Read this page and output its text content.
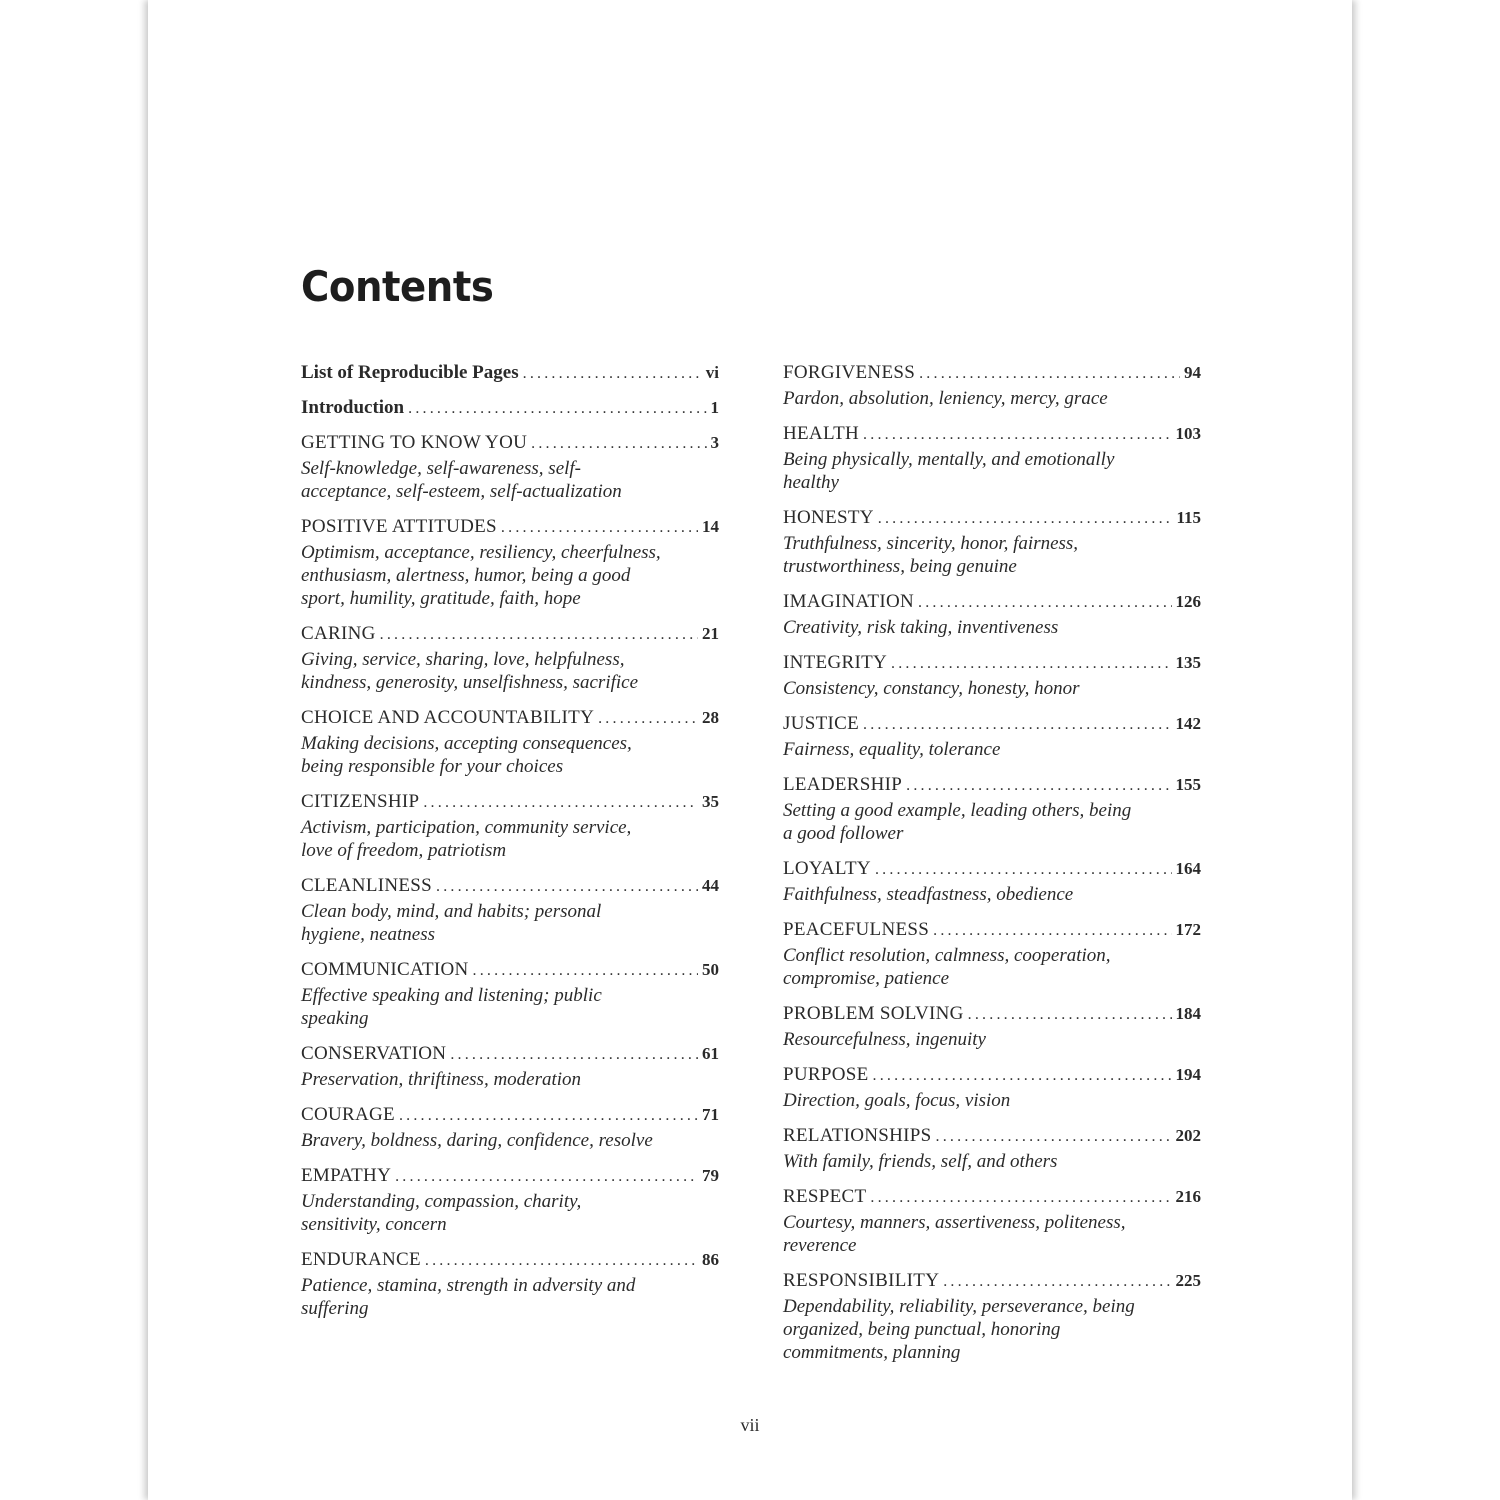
Contents
List of Reproducible Pages .....	vi
Introduction .....	1
GETTING TO KNOW YOU .....	3

Self-knowledge, self-awareness, self-acceptance, self-esteem, self-actualization

POSITIVE ATTITUDES .....	14

Optimism, acceptance, resiliency, cheerfulness, enthusiasm, alertness, humor, being a good sport, humility, gratitude, faith, hope

CARING .....	21

Giving, service, sharing, love, helpfulness, kindness, generosity, unselfishness, sacrifice

CHOICE AND ACCOUNTABILITY .....	28

Making decisions, accepting consequences, being responsible for your choices

CITIZENSHIP .....	35

Activism, participation, community service, love of freedom, patriotism

CLEANLINESS .....	44

Clean body, mind, and habits; personal hygiene, neatness

COMMUNICATION .....	50

Effective speaking and listening; public speaking

CONSERVATION .....	61

Preservation, thriftiness, moderation

COURAGE .....	71

Bravery, boldness, daring, confidence, resolve

EMPATHY .....	79

Understanding, compassion, charity, sensitivity, concern

ENDURANCE .....	86

Patience, stamina, strength in adversity and suffering

FORGIVENESS .....	94

Pardon, absolution, leniency, mercy, grace

HEALTH .....	103

Being physically, mentally, and emotionally healthy

HONESTY .....	115

Truthfulness, sincerity, honor, fairness, trustworthiness, being genuine

IMAGINATION .....	126

Creativity, risk taking, inventiveness

INTEGRITY .....	135

Consistency, constancy, honesty, honor

JUSTICE .....	142

Fairness, equality, tolerance

LEADERSHIP .....	155

Setting a good example, leading others, being a good follower

LOYALTY .....	164

Faithfulness, steadfastness, obedience

PEACEFULNESS .....	172

Conflict resolution, calmness, cooperation, compromise, patience

PROBLEM SOLVING .....	184

Resourcefulness, ingenuity

PURPOSE .....	194

Direction, goals, focus, vision

RELATIONSHIPS .....	202

With family, friends, self, and others

RESPECT .....	216

Courtesy, manners, assertiveness, politeness, reverence

RESPONSIBILITY .....	225

Dependability, reliability, perseverance, being organized, being punctual, honoring commitments, planning

vii
